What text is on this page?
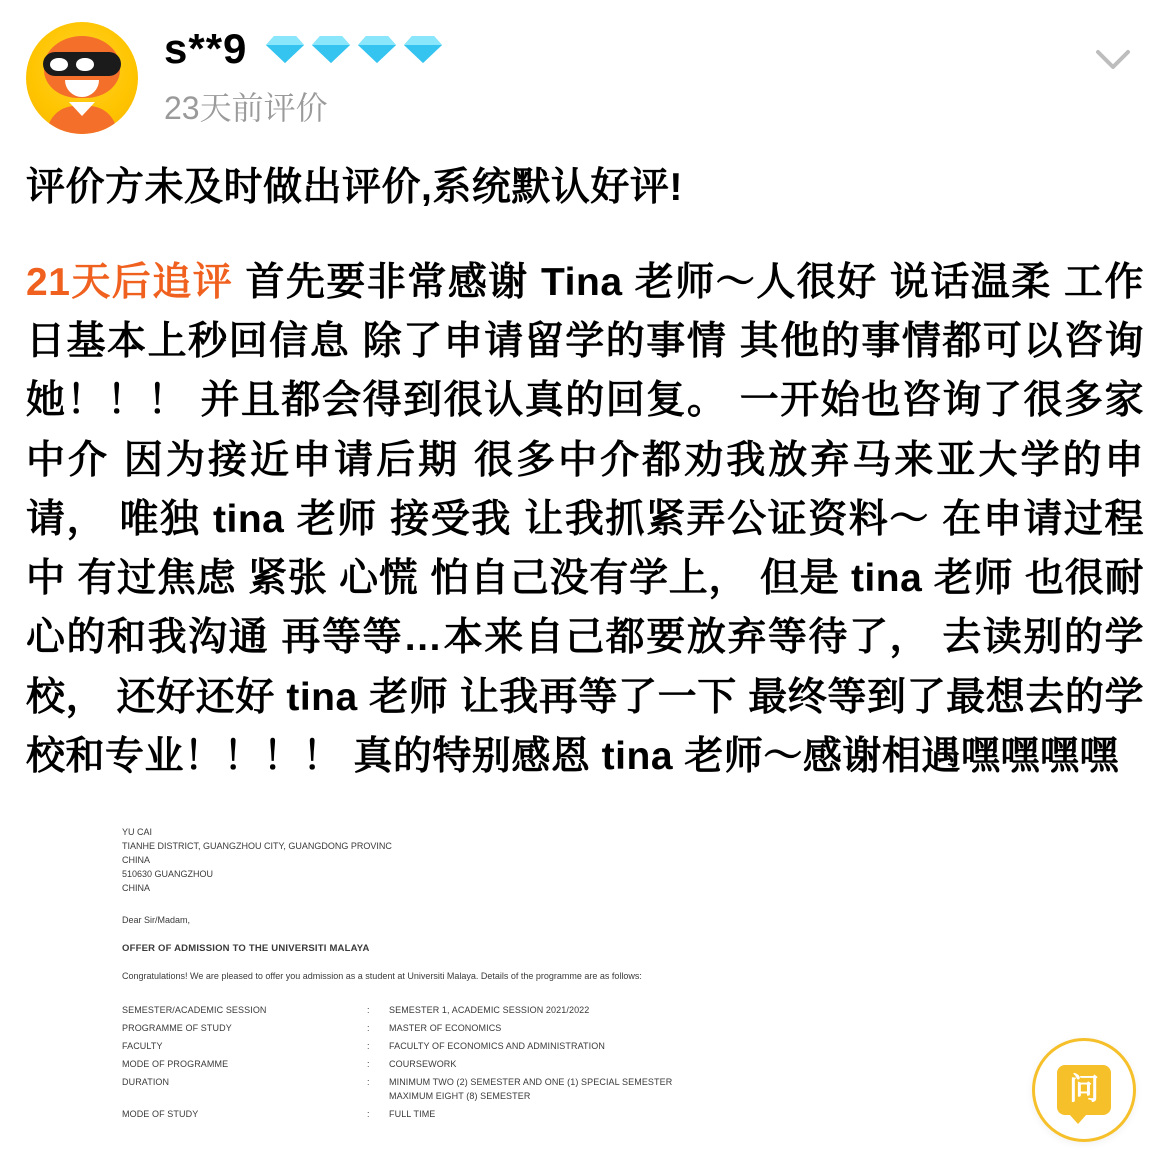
s**9
23天前评价
评价方未及时做出评价,系统默认好评!
21天后追评 首先要非常感谢 Tina 老师～人很好 说话温柔 工作日基本上秒回信息 除了申请留学的事情 其他的事情都可以咨询她！！！ 并且都会得到很认真的回复。 一开始也咨询了很多家中介 因为接近申请后期 很多中介都劝我放弃马来亚大学的申请， 唯独 tina 老师 接受我 让我抓紧弄公证资料～ 在申请过程中 有过焦虑 紧张 心慌 怕自己没有学上， 但是 tina 老师 也很耐心的和我沟通 再等等…本来自己都要放弃等待了， 去读别的学校， 还好还好 tina 老师 让我再等了一下 最终等到了最想去的学校和专业！！！！ 真的特别感恩 tina 老师～感谢相遇嘿嘿嘿嘿
YU CAI
TIANHE DISTRICT, GUANGZHOU CITY, GUANGDONG PROVINC
CHINA
510630 GUANGZHOU
CHINA
Dear Sir/Madam,
OFFER OF ADMISSION TO THE UNIVERSITI MALAYA
Congratulations! We are pleased to offer you admission as a student at Universiti Malaya. Details of the programme are as follows:
SEMESTER/ACADEMIC SESSION	:	SEMESTER 1, ACADEMIC SESSION 2021/2022

PROGRAMME OF STUDY	:	MASTER OF ECONOMICS

FACULTY	:	FACULTY OF ECONOMICS AND ADMINISTRATION

MODE OF PROGRAMME	:	COURSEWORK

DURATION	:	MINIMUM TWO (2) SEMESTER AND ONE (1) SPECIAL SEMESTER
MAXIMUM EIGHT (8) SEMESTER

MODE OF STUDY	:	FULL TIME
问
